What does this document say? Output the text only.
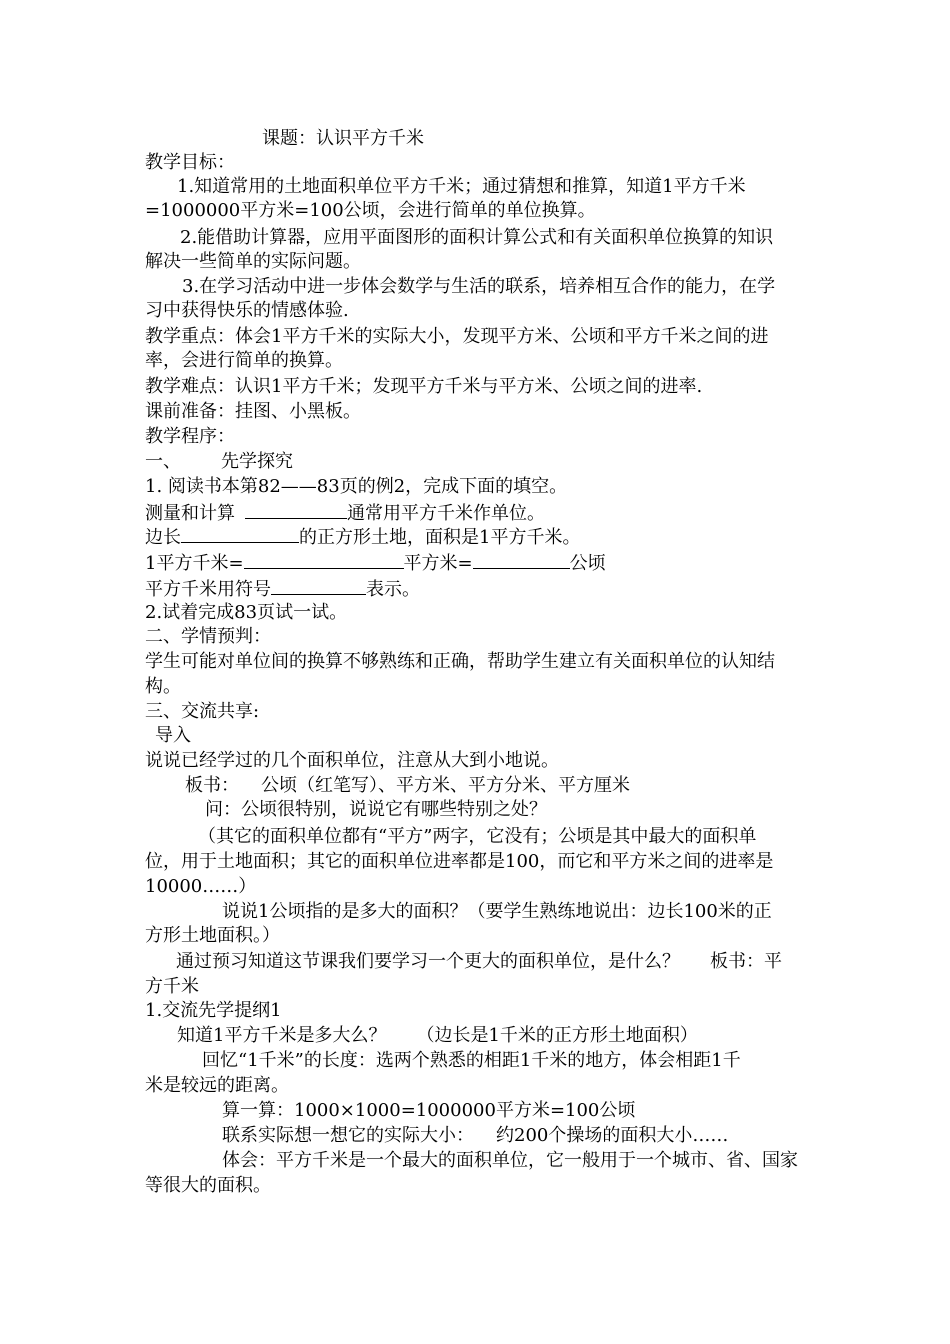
课题：认识平方千米
教学目标：
1.知道常用的土地面积单位平方千米；通过猜想和推算，知道1平方千米
=1000000平方米=100公顷，会进行简单的单位换算。
2.能借助计算器，应用平面图形的面积计算公式和有关面积单位换算的知识
解决一些简单的实际问题。
3.在学习活动中进一步体会数学与生活的联系，培养相互合作的能力，在学
习中获得快乐的情感体验.
教学重点：体会1平方千米的实际大小，发现平方米、公顷和平方千米之间的进
率，会进行简单的换算。
教学难点：认识1平方千米；发现平方千米与平方米、公顷之间的进率.
课前准备：挂图、小黑板。
教学程序：
一、 先学探究
1. 阅读书本第82——83页的例2，完成下面的填空。
测量和计算	通常用平方千米作单位。
边长	的正方形土地，面积是1平方千米。
1平方千米=	平方米=	公顷
平方千米用符号	表示。
2.试着完成83页试一试。
二、学情预判：
学生可能对单位间的换算不够熟练和正确，帮助学生建立有关面积单位的认知结
构。
三、交流共享:
导入
说说已经学过的几个面积单位，注意从大到小地说。
板书： 公顷（红笔写）、平方米、平方分米、平方厘米
问：公顷很特别，说说它有哪些特别之处？
（其它的面积单位都有“平方”两字，它没有；公顷是其中最大的面积单
位，用于土地面积；其它的面积单位进率都是100，而它和平方米之间的进率是
10000……）
说说1公顷指的是多大的面积？（要学生熟练地说出：边长100米的正
方形土地面积。）
通过预习知道这节课我们要学习一个更大的面积单位，是什么？ 板书：平
方千米
1.交流先学提纲1
知道1平方千米是多大么？ （边长是1千米的正方形土地面积）
回忆“1千米”的长度：选两个熟悉的相距1千米的地方，体会相距1千
米是较远的距离。
算一算：1000×1000=1000000平方米=100公顷
联系实际想一想它的实际大小： 约200个操场的面积大小……
体会：平方千米是一个最大的面积单位，它一般用于一个城市、省、国家
等很大的面积。
